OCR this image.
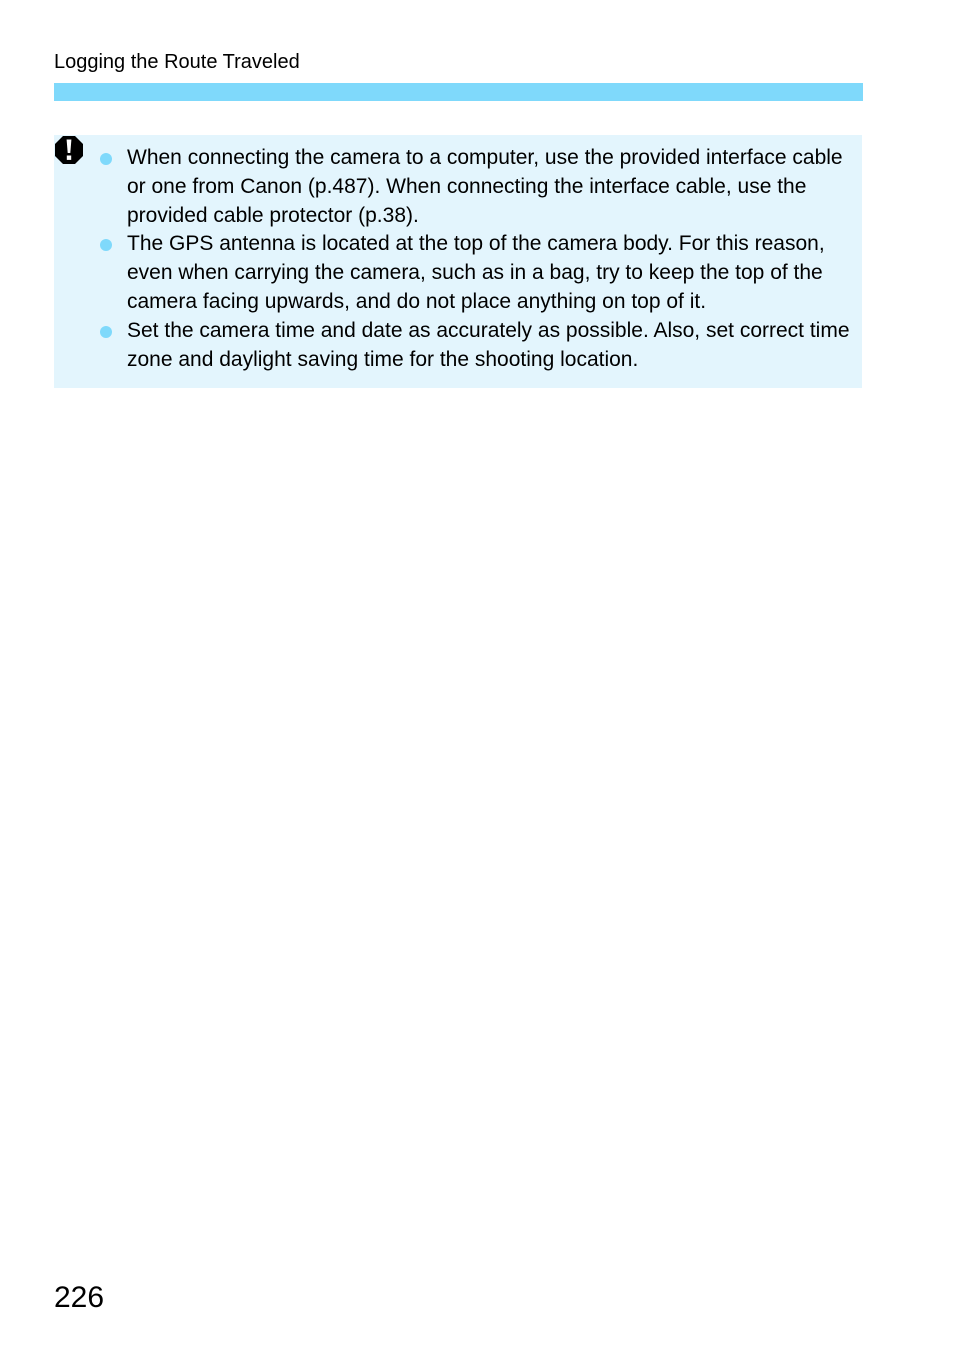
Logging the Route Traveled
When connecting the camera to a computer, use the provided interface cable or one from Canon (p.487). When connecting the interface cable, use the provided cable protector (p.38).
The GPS antenna is located at the top of the camera body. For this reason, even when carrying the camera, such as in a bag, try to keep the top of the camera facing upwards, and do not place anything on top of it.
Set the camera time and date as accurately as possible. Also, set correct time zone and daylight saving time for the shooting location.
226
